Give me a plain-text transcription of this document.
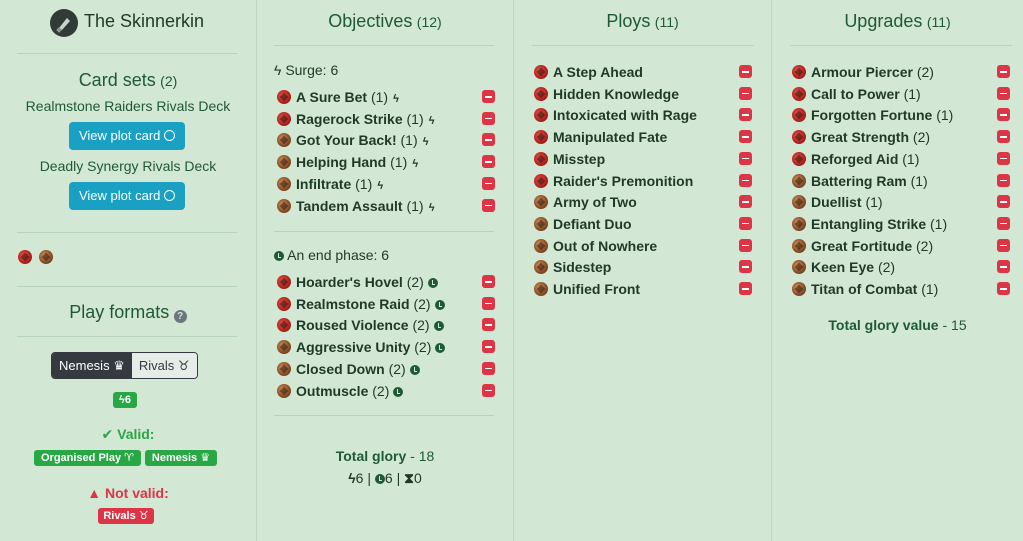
The Skinnerkin
Card sets (2)
Realmstone Raiders Rivals Deck
View plot card
Deadly Synergy Rivals Deck
View plot card

Play formats ?
Nemesis ♛	Rivals ♉
ϟ6
✔ Valid:
Organised Play ♈	Nemesis ♛
▲ Not valid:
Rivals ♉
Objectives (12)
ϟ Surge: 6
A Sure Bet (1) ϟ
Ragerock Strike (1) ϟ
Got Your Back! (1) ϟ
Helping Hand (1) ϟ
Infiltrate (1) ϟ
Tandem Assault (1) ϟ
An end phase: 6
Hoarder's Hovel (2)
Realmstone Raid (2)
Roused Violence (2)
Aggressive Unity (2)
Closed Down (2)
Outmuscle (2)
Total glory - 18
ϟ6 | 6 | ⧗0
Ploys (11)
A Step Ahead
Hidden Knowledge
Intoxicated with Rage
Manipulated Fate
Misstep
Raider's Premonition
Army of Two
Defiant Duo
Out of Nowhere
Sidestep
Unified Front
Upgrades (11)
Armour Piercer (2)
Call to Power (1)
Forgotten Fortune (1)
Great Strength (2)
Reforged Aid (1)
Battering Ram (1)
Duellist (1)
Entangling Strike (1)
Great Fortitude (2)
Keen Eye (2)
Titan of Combat (1)
Total glory value - 15
